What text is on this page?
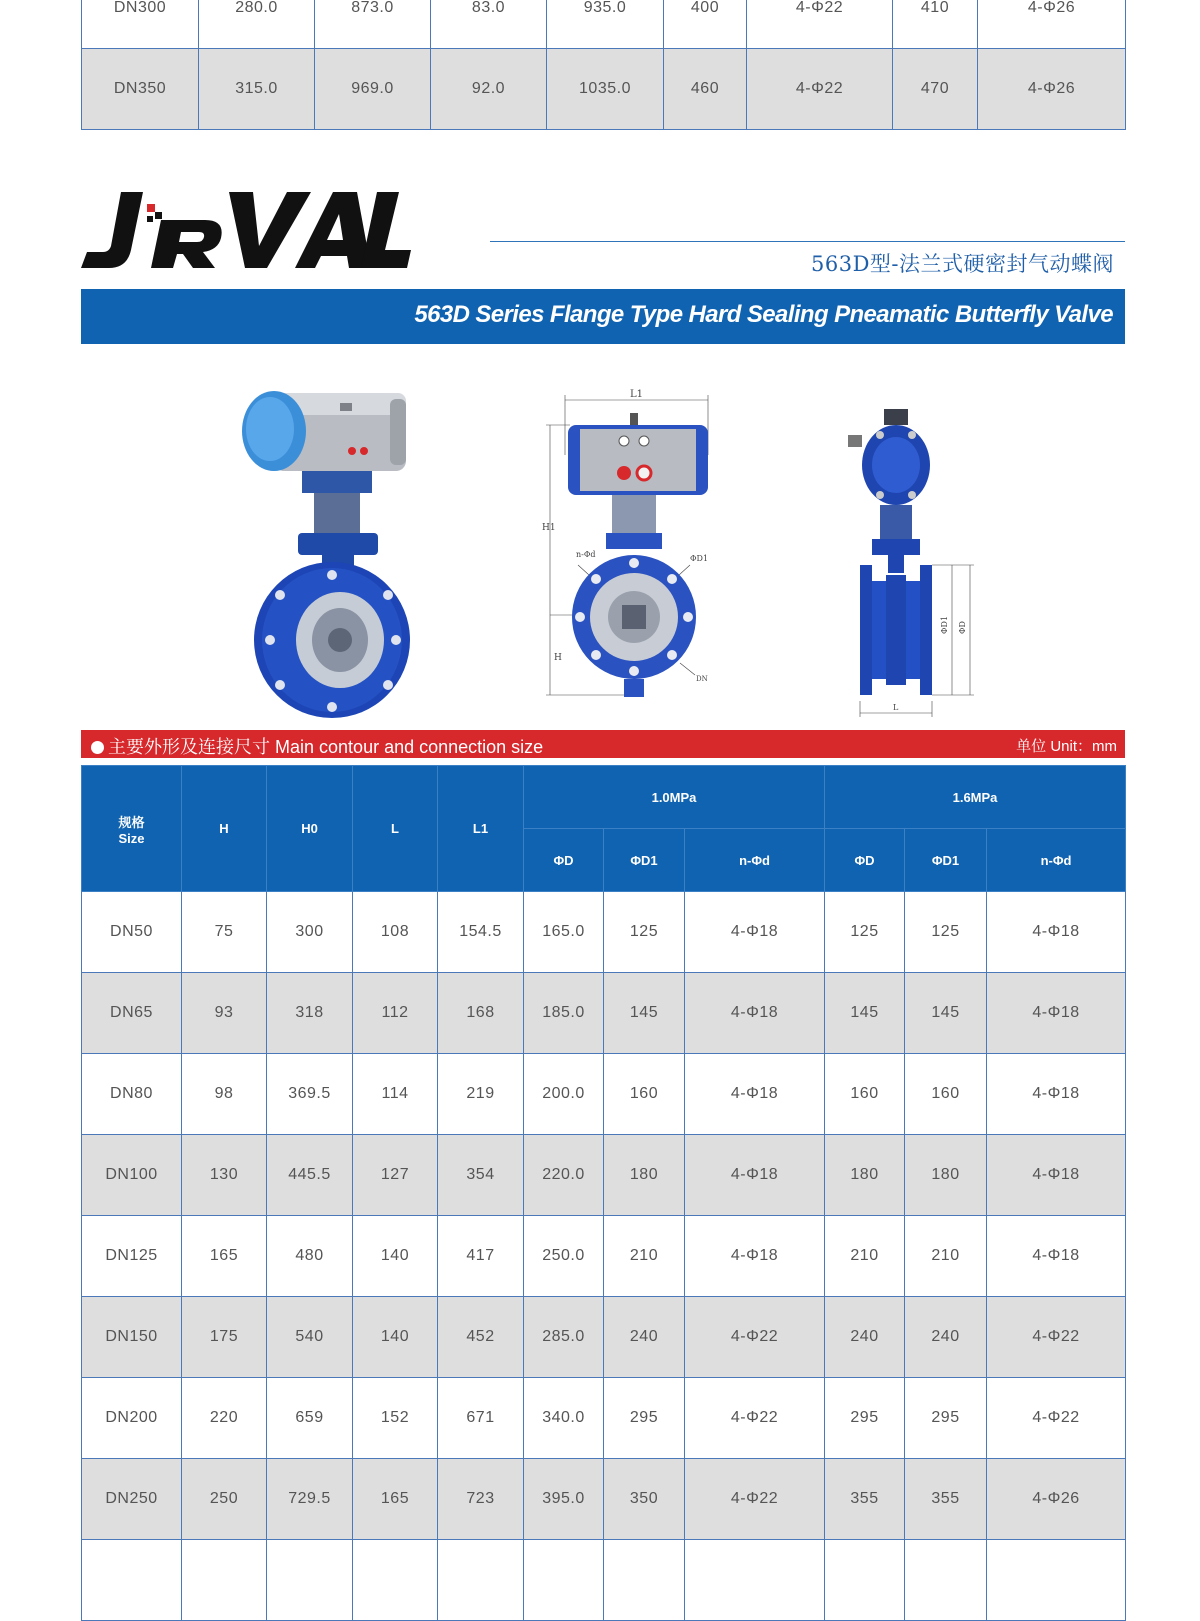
DN300	280.0	873.0	83.0	935.0	400	4-Φ22	410	4-Φ26
DN350	315.0	969.0	92.0	1035.0	460	4-Φ22	470	4-Φ26
563D型-法兰式硬密封气动蝶阀
563D Series Flange Type Hard Sealing Pneamatic Butterfly Valve
L1
H1
H
n-Φd	ΦD1
DN
ΦD1 ΦD
L
主要外形及连接尺寸 Main contour and connection size	单位 Unit：mm
规格
Size	H	H0	L	L1	1.0MPa			1.6MPa		
					ΦD	ΦD1	n-Φd	ΦD	ΦD1	n-Φd
DN50	75	300	108	154.5	165.0	125	4-Φ18	125	125	4-Φ18
DN65	93	318	112	168	185.0	145	4-Φ18	145	145	4-Φ18
DN80	98	369.5	114	219	200.0	160	4-Φ18	160	160	4-Φ18
DN100	130	445.5	127	354	220.0	180	4-Φ18	180	180	4-Φ18
DN125	165	480	140	417	250.0	210	4-Φ18	210	210	4-Φ18
DN150	175	540	140	452	285.0	240	4-Φ22	240	240	4-Φ22
DN200	220	659	152	671	340.0	295	4-Φ22	295	295	4-Φ22
DN250	250	729.5	165	723	395.0	350	4-Φ22	355	355	4-Φ26
